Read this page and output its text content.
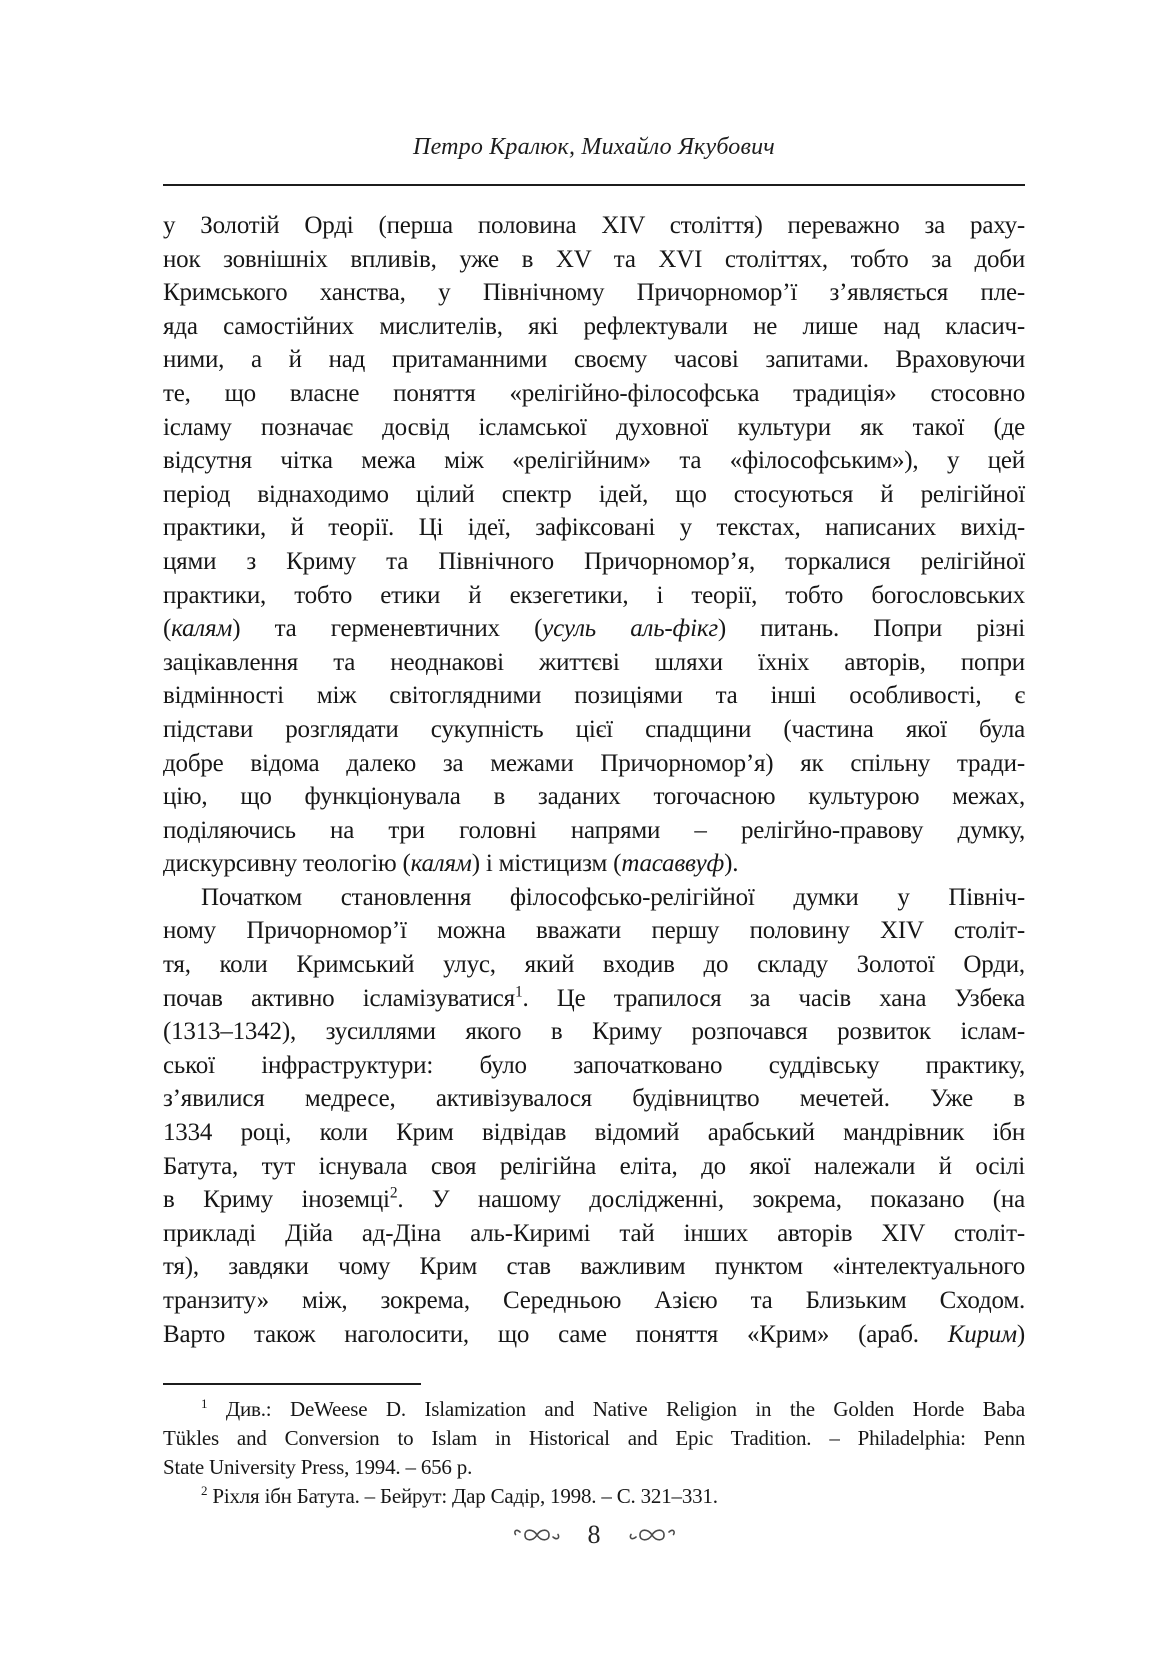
Петро Кралюк, Михайло Якубович
у Золотій Орді (перша половина XIV століття) переважно за раху-
нок зовнішніх впливів, уже в XV та XVI століттях, тобто за доби
Кримського ханства, у Північному Причорномор’ї з’являється пле-
яда самостійних мислителів, які рефлектували не лише над класич-
ними, а й над притаманними своєму часові запитами. Враховуючи
те, що власне поняття «релігійно-філософська традиція» стосовно
ісламу позначає досвід ісламської духовної культури як такої (де
відсутня чітка межа між «релігійним» та «філософським»), у цей
період віднаходимо цілий спектр ідей, що стосуються й релігійної
практики, й теорії. Ці ідеї, зафіксовані у текстах, написаних вихід-
цями з Криму та Північного Причорномор’я, торкалися релігійної
практики, тобто етики й екзегетики, і теорії, тобто богословських
(калям) та герменевтичних (усуль аль-фікг) питань. Попри різні
зацікавлення та неоднакові життєві шляхи їхніх авторів, попри
відмінності між світоглядними позиціями та інші особливості, є
підстави розглядати сукупність цієї спадщини (частина якої була
добре відома далеко за межами Причорномор’я) як спільну тради-
цію, що функціонувала в заданих тогочасною культурою межах,
поділяючись на три головні напрями – релігйно-правову думку,
дискурсивну теологію (калям) і містицизм (тасаввуф).
Початком становлення філософсько-релігійної думки у Північ-
ному Причорномор’ї можна вважати першу половину XIV століт-
тя, коли Кримський улус, який входив до складу Золотої Орди,
почав активно ісламізуватися$^1$. Це трапилося за часів хана Узбека
(1313–1342), зусиллями якого в Криму розпочався розвиток іслам-
ської інфраструктури: було започатковано суддівську практику,
з’явилися медресе, активізувалося будівництво мечетей. Уже в
1334 році, коли Крим відвідав відомий арабський мандрівник ібн
Батута, тут існувала своя релігійна еліта, до якої належали й осілі
в Криму іноземці$^2$. У нашому дослідженні, зокрема, показано (на
прикладі Дійа ад-Діна аль-Киримі тай інших авторів XIV століт-
тя), завдяки чому Крим став важливим пунктом «інтелектуального
транзиту» між, зокрема, Середньою Азією та Близьким Сходом.
Варто також наголосити, що саме поняття «Крим» (араб. Кирим)
$^1$ Див.: DeWeese D. Islamization and Native Religion in the Golden Horde Baba
Tükles and Conversion to Islam in Historical and Epic Tradition. – Philadelphia: Penn
State University Press, 1994. – 656 p.
$^2$ Ріхля ібн Батута. – Бейрут: Дар Садір, 1998. – С. 321–331.
8
